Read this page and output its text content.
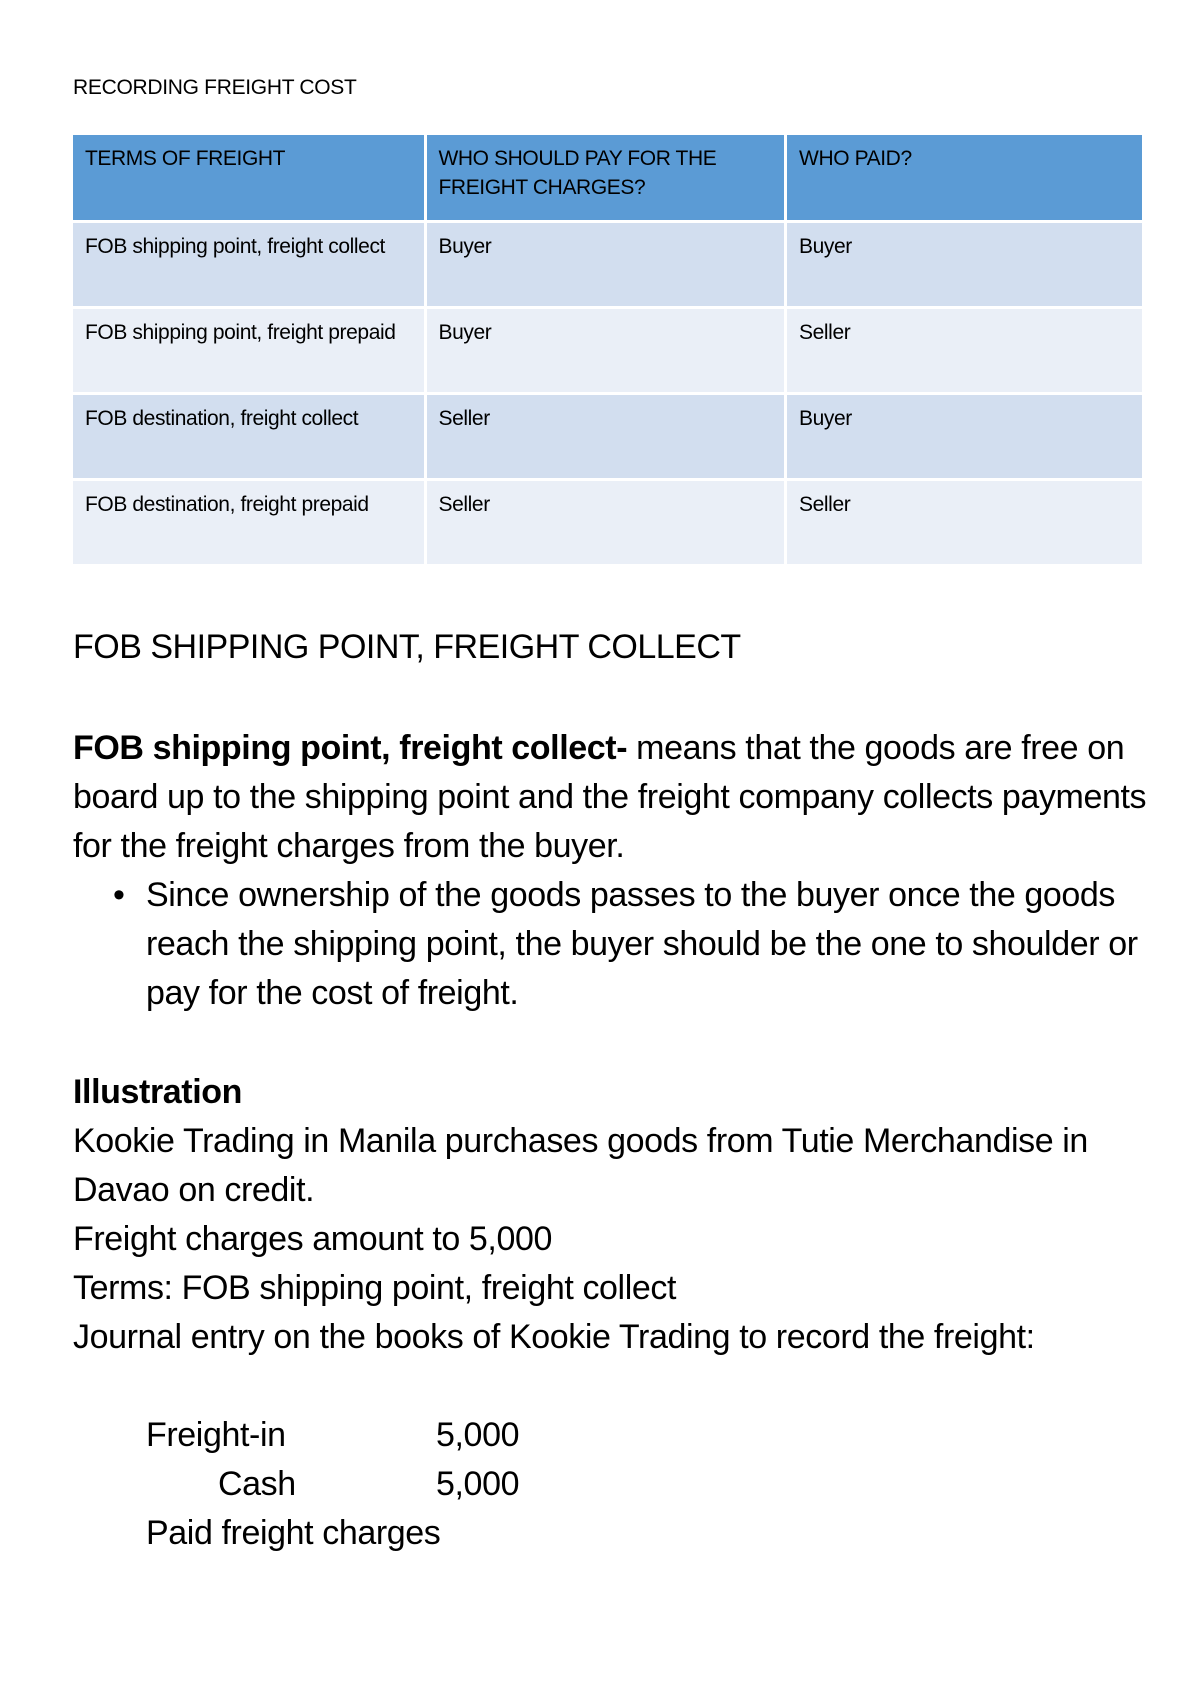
RECORDING FREIGHT COST
TERMS OF FREIGHT	WHO SHOULD PAY FOR THE FREIGHT CHARGES?	WHO PAID?
FOB shipping point, freight collect	Buyer	Buyer
FOB shipping point, freight prepaid	Buyer	Seller
FOB destination, freight collect	Seller	Buyer
FOB destination, freight prepaid	Seller	Seller
FOB SHIPPING POINT, FREIGHT COLLECT
FOB shipping point, freight collect- means that the goods are free on board up to the shipping point and the freight company collects payments for the freight charges from the buyer.
• Since ownership of the goods passes to the buyer once the goods reach the shipping point, the buyer should be the one to shoulder or pay for the cost of freight.
Illustration
Kookie Trading in Manila purchases goods from Tutie Merchandise in Davao on credit.
Freight charges amount to 5,000
Terms: FOB shipping point, freight collect
Journal entry on the books of Kookie Trading to record the freight:
Freight-in	5,000
Cash	5,000
Paid freight charges
